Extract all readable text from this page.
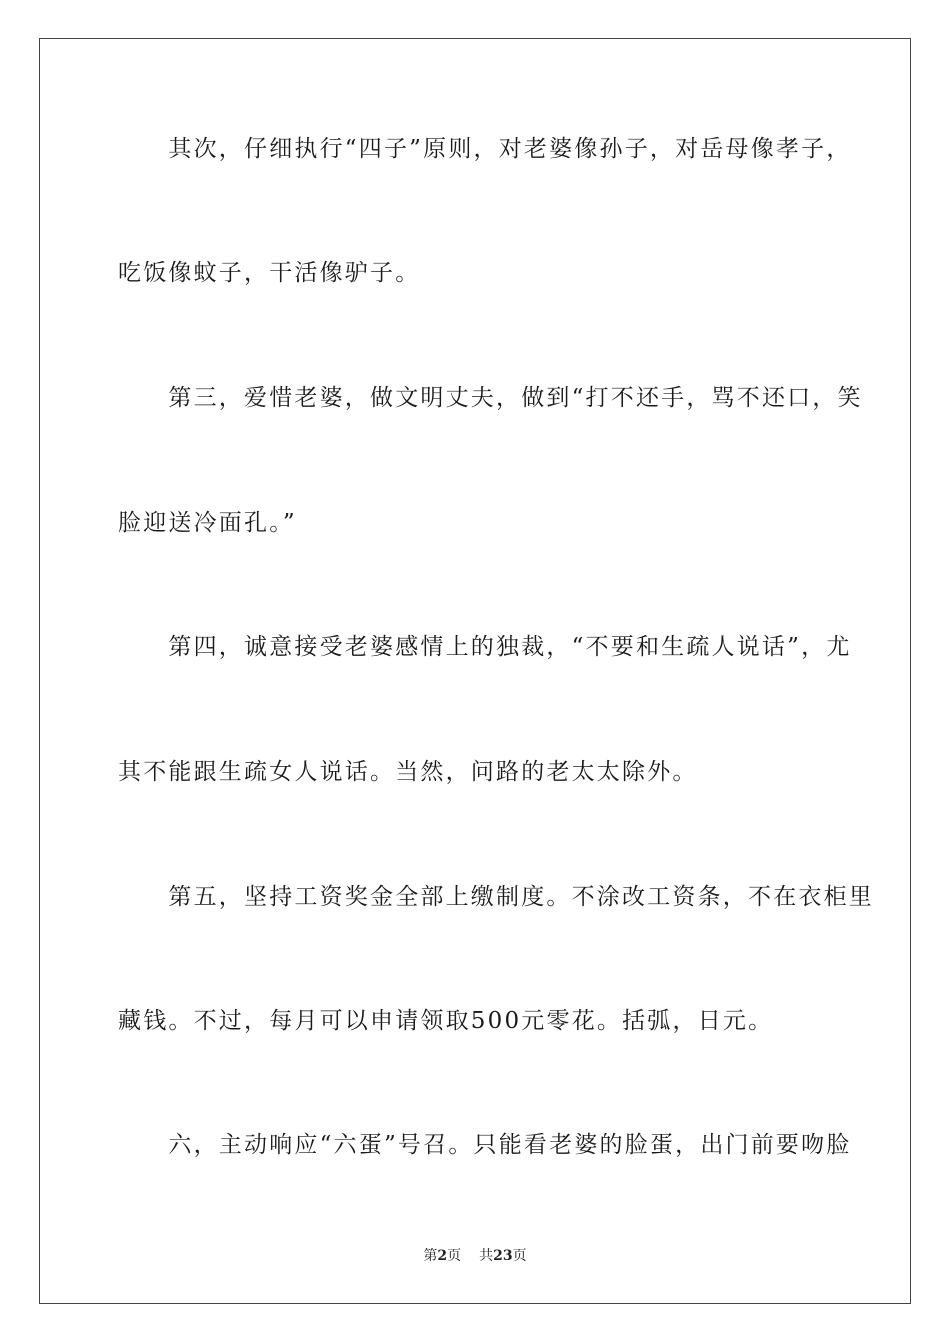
　　其次，仔细执行“四子”原则，对老婆像孙子，对岳母像孝子，
吃饭像蚊子，干活像驴子。
　　第三，爱惜老婆，做文明丈夫，做到“打不还手，骂不还口，笑
脸迎送冷面孔。”
　　第四，诚意接受老婆感情上的独裁，“不要和生疏人说话”，尤
其不能跟生疏女人说话。当然，问路的老太太除外。
　　第五，坚持工资奖金全部上缴制度。不涂改工资条，不在衣柜里
藏钱。不过，每月可以申请领取500元零花。括弧，日元。
　　六，主动响应“六蛋”号召。只能看老婆的脸蛋，出门前要吻脸
第2页 共23页
